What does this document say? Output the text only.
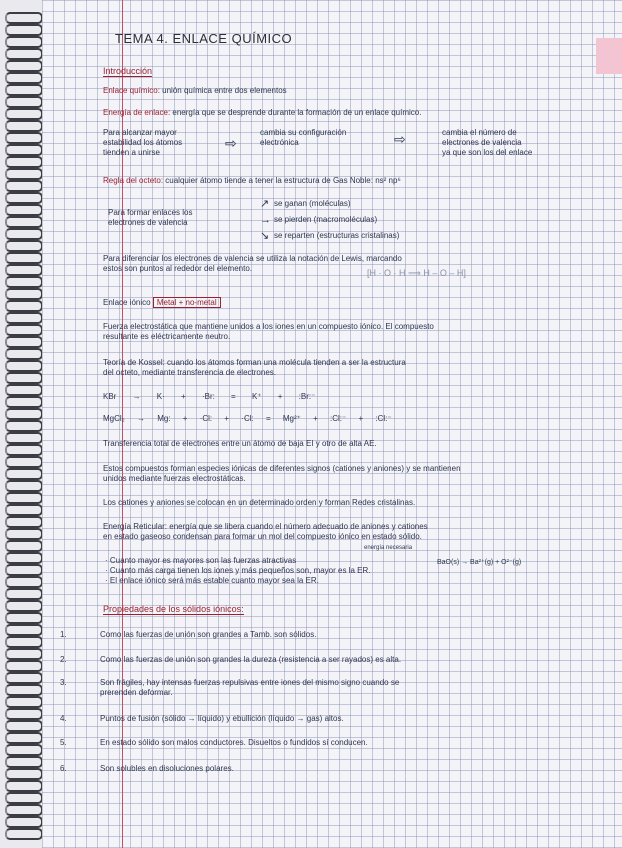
TEMA 4. ENLACE QUÍMICO
Introducción
Enlace químico: unión química entre dos elementos
Energía de enlace: energía que se desprende durante la formación de un enlace químico.
Para alcanzar mayor
estabilidad los átomos
tienden a unirse
⇨
cambia su configuración
electrónica	⇨	cambia el número de
electrones de valencia
ya que son los del enlace
Regla del octeto: cualquier átomo tiende a tener la estructura de Gas Noble: ns² np⁶
Para formar enlaces los
electrones de valencia
↗
→
↘
se ganan (moléculas)
se pierden (macromoléculas)
se reparten (estructuras cristalinas)
Para diferenciar los electrones de valencia se utiliza la notación de Lewis, marcando
estos son puntos al rededor del elemento.	[H · O · H ⟹ H – O – H]
Enlace iónico Metal + no-metal
Fuerza electrostática que mantiene unidos a los iones en un compuesto iónico. El compuesto
resultante es eléctricamente neutro.
Teoría de Kossel: cuando los átomos forman una molécula tienden a ser la estructura
del octeto, mediante transferencia de electrones.
KBr → K· + ·Br: = K⁺ + :Br:⁻
MgCl₂ → Mg: + ·Cl: + ·Cl: = Mg²⁺ + :Cl:⁻ + :Cl:⁻
Transferencia total de electrones entre un átomo de baja EI y otro de alta AE.
Estos compuestos forman especies iónicas de diferentes signos (cationes y aniones) y se mantienen
unidos mediante fuerzas electrostáticas.
Los cationes y aniones se colocan en un determinado orden y forman Redes cristalinas.
Energía Reticular: energía que se libera cuando el número adecuado de aniones y cationes
en estado gaseoso condensan para formar un mol del compuesto iónico en estado sólido.
energía necesaria
BaO(s) → Ba²⁺(g) + O²⁻(g)
· Cuanto mayor es mayores son las fuerzas atractivas
· Cuanto más carga tienen los iones y más pequeños son, mayor es la ER.
· El enlace iónico será más estable cuanto mayor sea la ER.
Propiedades de los sólidos iónicos:
1.	Como las fuerzas de unión son grandes a Tamb. son sólidos.
2.	Como las fuerzas de unión son grandes la dureza (resistencia a ser rayados) es alta.
3.	Son frágiles, hay intensas fuerzas repulsivas entre iones del mismo signo cuando se
prerenden deformar.
4.	Puntos de fusión (sólido → líquido) y ebullición (líquido → gas) altos.
5.	En estado sólido son malos conductores. Disueltos o fundidos sí conducen.
6.	Son solubles en disoluciones polares.
